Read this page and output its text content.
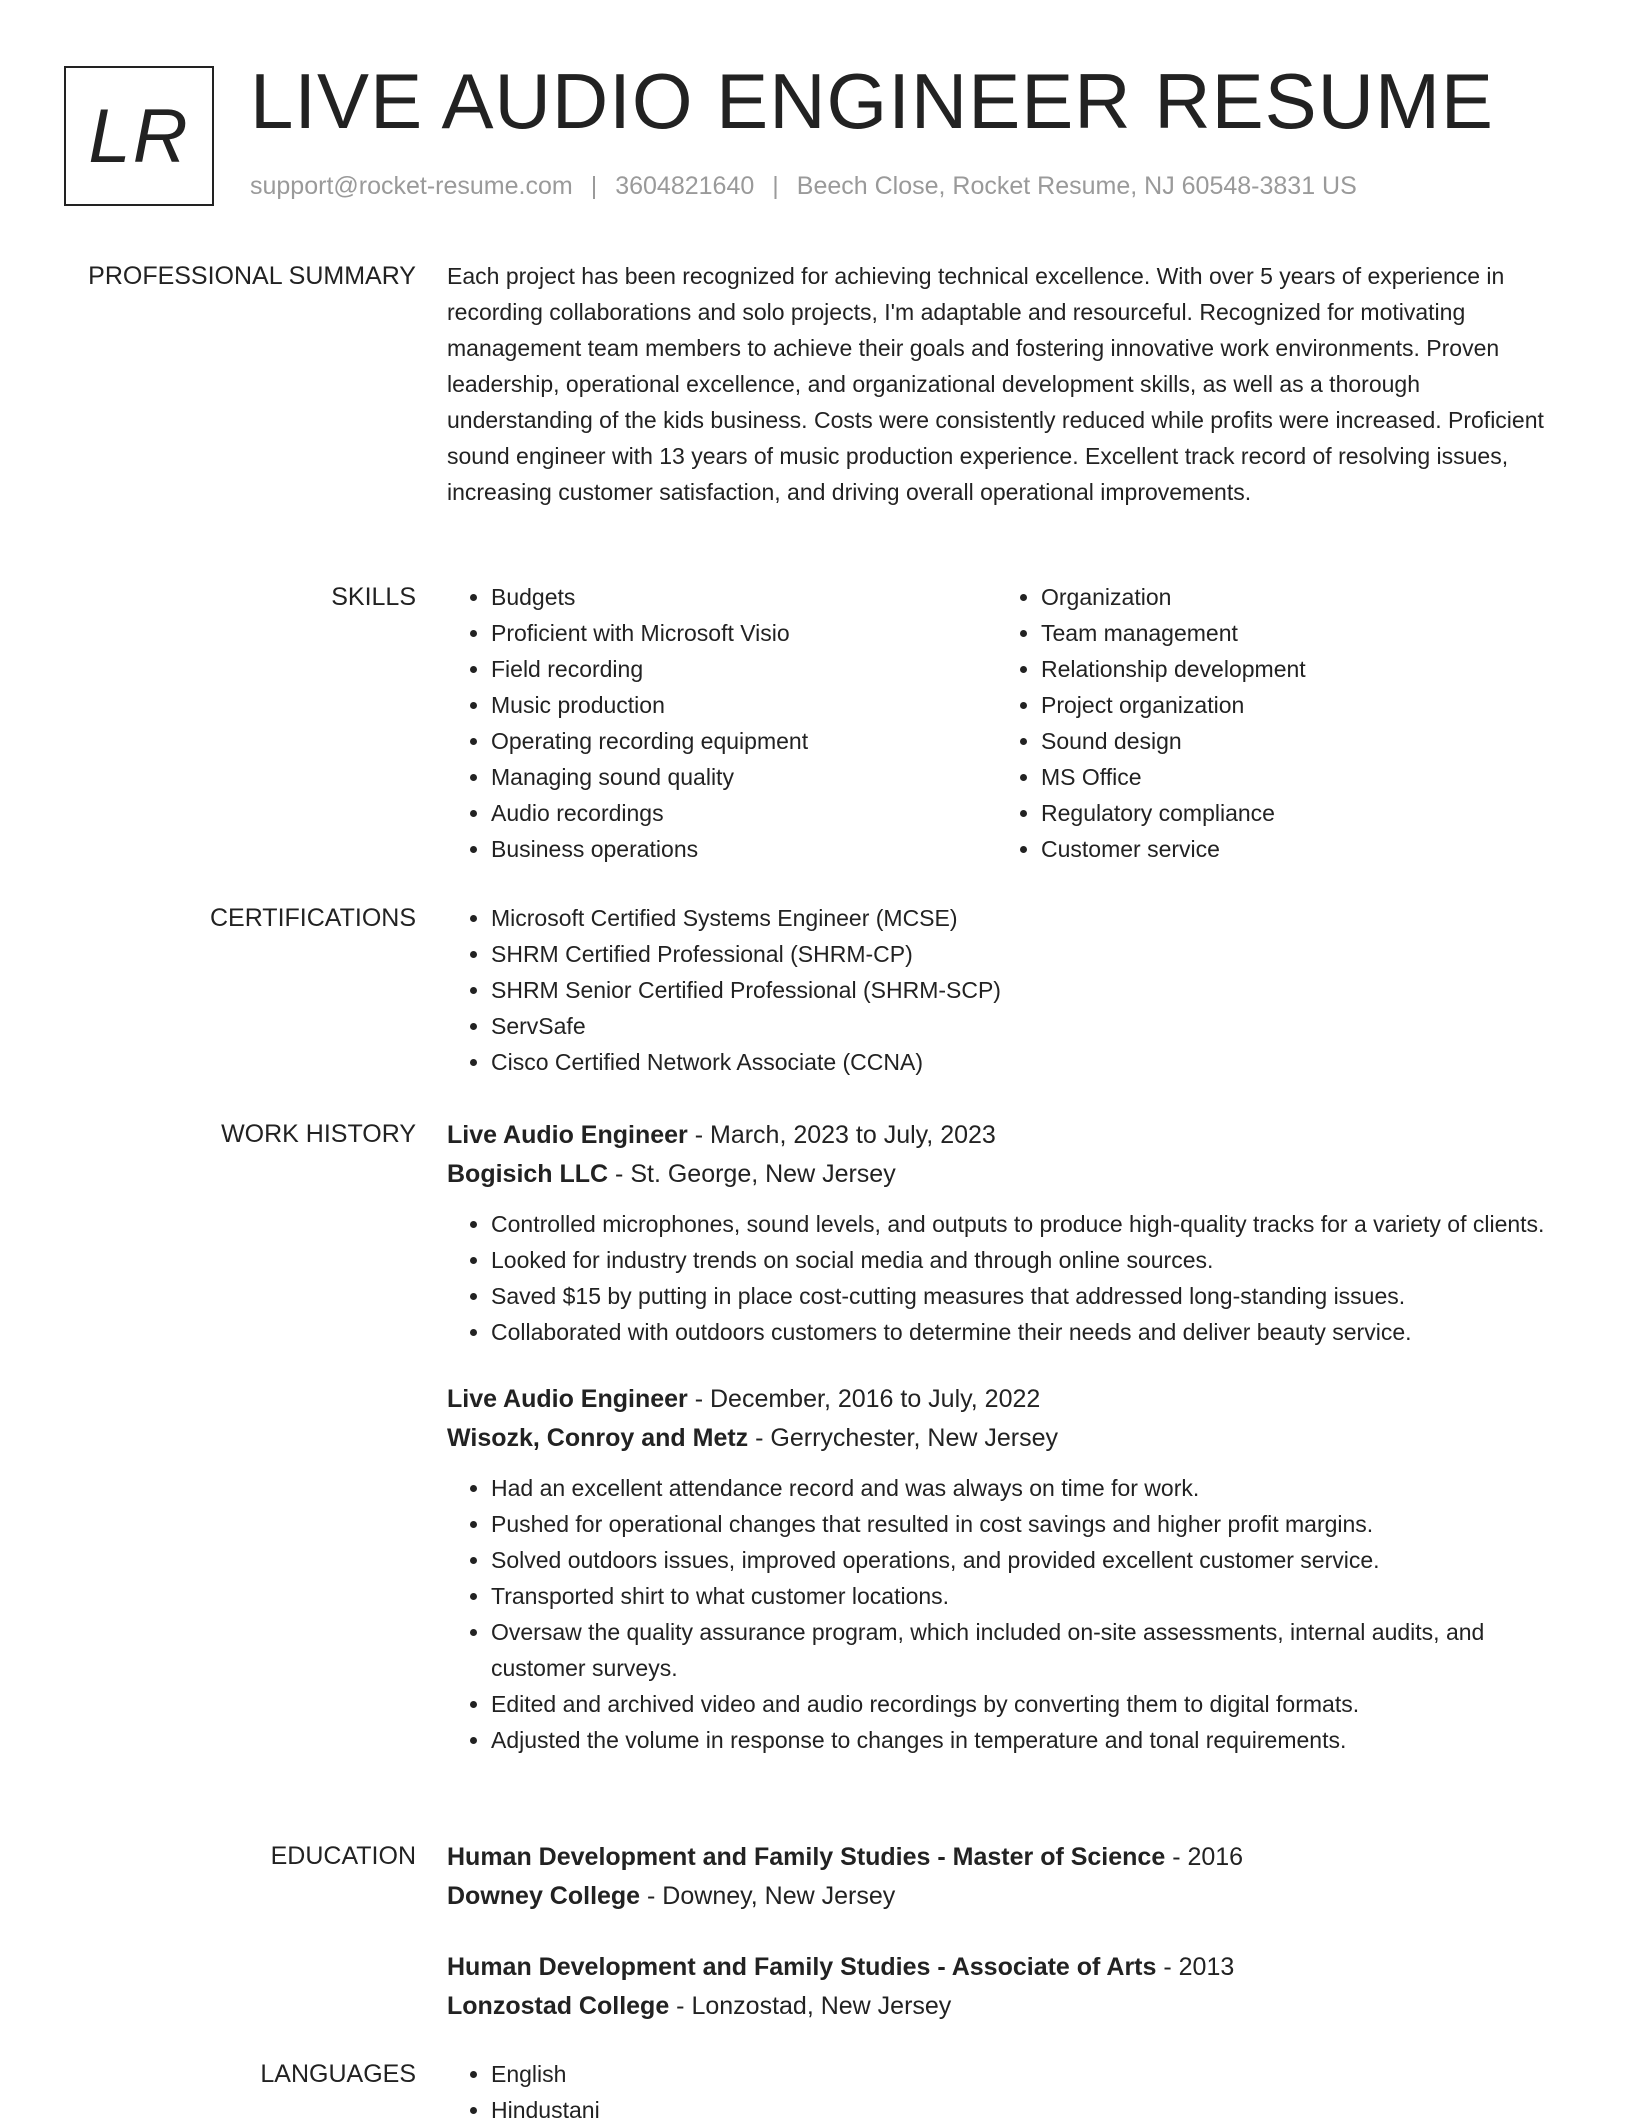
LR LIVE AUDIO ENGINEER RESUME
support@rocket-resume.com | 3604821640 | Beech Close, Rocket Resume, NJ 60548-3831 US
PROFESSIONAL SUMMARY Each project has been recognized for achieving technical excellence. With over 5 years of experience in recording collaborations and solo projects, I'm adaptable and resourceful. Recognized for motivating management team members to achieve their goals and fostering innovative work environments. Proven leadership, operational excellence, and organizational development skills, as well as a thorough understanding of the kids business. Costs were consistently reduced while profits were increased. Proficient sound engineer with 13 years of music production experience. Excellent track record of resolving issues, increasing customer satisfaction, and driving overall operational improvements.

SKILLS	• Budgets
• Proficient with Microsoft Visio
• Field recording
• Music production
• Operating recording equipment
• Managing sound quality
• Audio recordings
• Business operations
• Organization
• Team management
• Relationship development
• Project organization
• Sound design
• MS Office
• Regulatory compliance
• Customer service
CERTIFICATIONS	• Microsoft Certified Systems Engineer (MCSE)
• SHRM Certified Professional (SHRM-CP)
• SHRM Senior Certified Professional (SHRM-SCP)
• ServSafe
• Cisco Certified Network Associate (CCNA)
WORK HISTORY Live Audio Engineer - March, 2023 to July, 2023
Bogisich LLC - St. George, New Jersey
• Controlled microphones, sound levels, and outputs to produce high-quality tracks for a variety of clients.
• Looked for industry trends on social media and through online sources.
• Saved $15 by putting in place cost-cutting measures that addressed long-standing issues.
• Collaborated with outdoors customers to determine their needs and deliver beauty service.
Live Audio Engineer - December, 2016 to July, 2022
Wisozk, Conroy and Metz - Gerrychester, New Jersey
• Had an excellent attendance record and was always on time for work.
• Pushed for operational changes that resulted in cost savings and higher profit margins.
• Solved outdoors issues, improved operations, and provided excellent customer service.
• Transported shirt to what customer locations.
• Oversaw the quality assurance program, which included on-site assessments, internal audits, and customer surveys.
• Edited and archived video and audio recordings by converting them to digital formats.
• Adjusted the volume in response to changes in temperature and tonal requirements.
EDUCATION Human Development and Family Studies - Master of Science - 2016
Downey College - Downey, New Jersey
Human Development and Family Studies - Associate of Arts - 2013
Lonzostad College - Lonzostad, New Jersey
LANGUAGES	• English
• Hindustani
